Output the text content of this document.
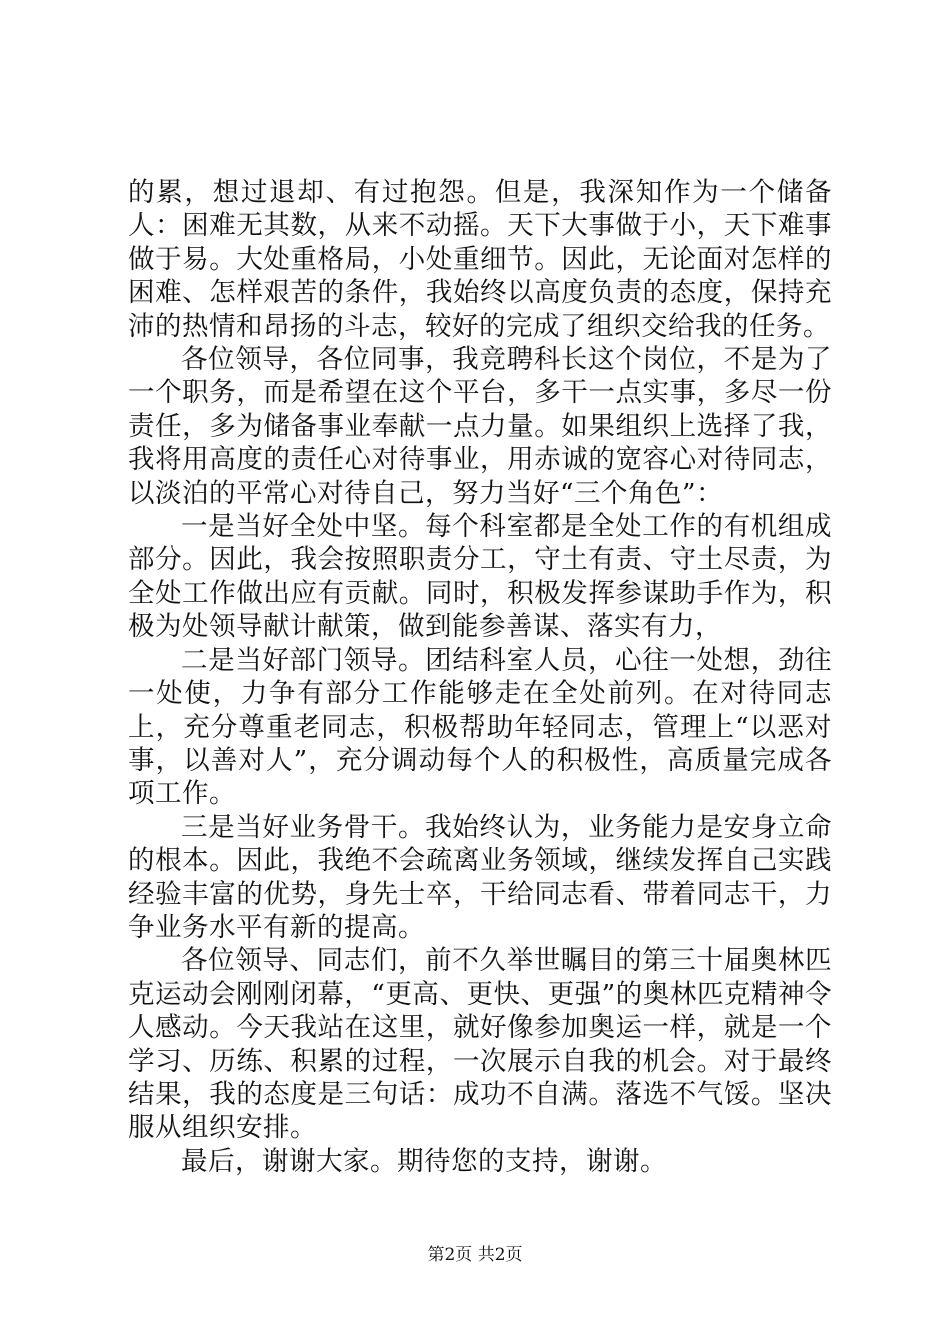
的累，想过退却、有过抱怨。但是，我深知作为一个储备人：困难无其数，从来不动摇。天下大事做于小，天下难事做于易。大处重格局，小处重细节。因此，无论面对怎样的困难、怎样艰苦的条件，我始终以高度负责的态度，保持充沛的热情和昂扬的斗志，较好的完成了组织交给我的任务。

各位领导，各位同事，我竞聘科长这个岗位，不是为了一个职务，而是希望在这个平台，多干一点实事，多尽一份责任，多为储备事业奉献一点力量。如果组织上选择了我，我将用高度的责任心对待事业，用赤诚的宽容心对待同志，以淡泊的平常心对待自己，努力当好“三个角色”：

一是当好全处中坚。每个科室都是全处工作的有机组成部分。因此，我会按照职责分工，守土有责、守土尽责，为全处工作做出应有贡献。同时，积极发挥参谋助手作为，积极为处领导献计献策，做到能参善谋、落实有力，

二是当好部门领导。团结科室人员，心往一处想，劲往一处使，力争有部分工作能够走在全处前列。在对待同志上，充分尊重老同志，积极帮助年轻同志，管理上“以恶对事，以善对人”，充分调动每个人的积极性，高质量完成各项工作。

三是当好业务骨干。我始终认为，业务能力是安身立命的根本。因此，我绝不会疏离业务领域，继续发挥自己实践经验丰富的优势，身先士卒，干给同志看、带着同志干，力争业务水平有新的提高。

各位领导、同志们，前不久举世瞩目的第三十届奥林匹克运动会刚刚闭幕，“更高、更快、更强”的奥林匹克精神令人感动。今天我站在这里，就好像参加奥运一样，就是一个学习、历练、积累的过程，一次展示自我的机会。对于最终结果，我的态度是三句话：成功不自满。落选不气馁。坚决服从组织安排。

最后，谢谢大家。期待您的支持，谢谢。

第2页 共2页
